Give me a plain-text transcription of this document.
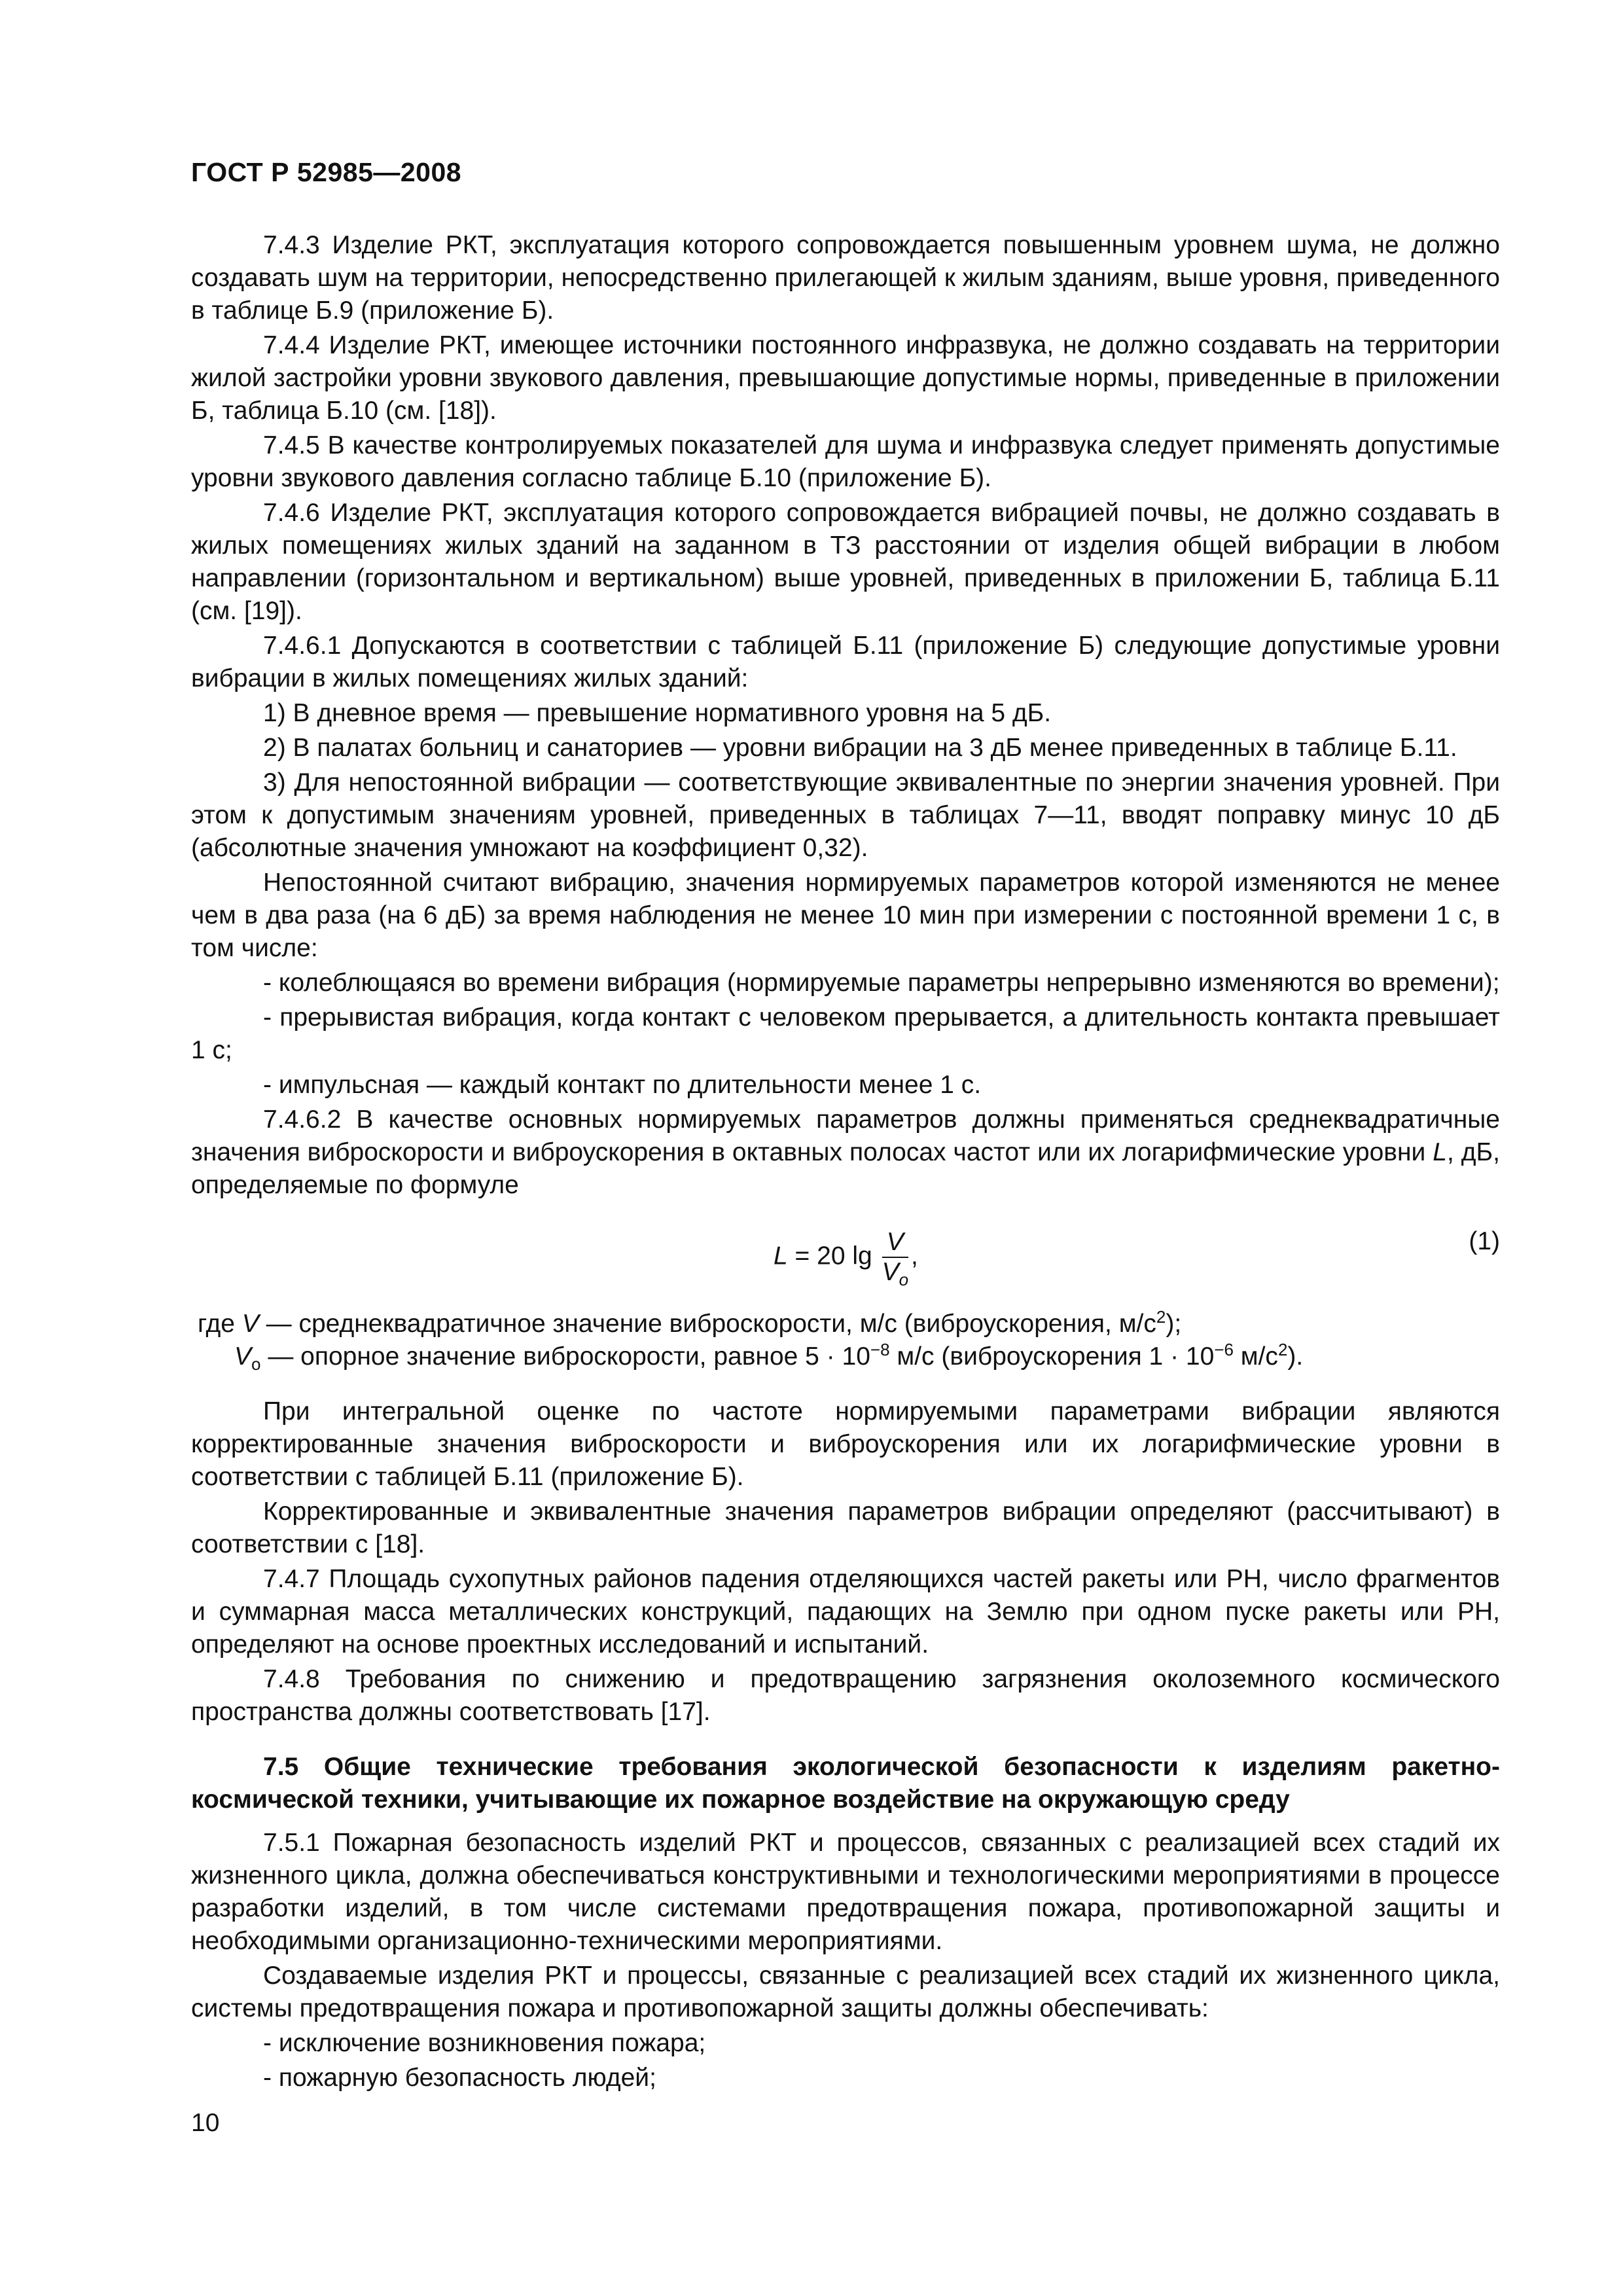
ГОСТ Р 52985—2008

7.4.3 Изделие РКТ, эксплуатация которого сопровождается повышенным уровнем шума, не должно создавать шум на территории, непосредственно прилегающей к жилым зданиям, выше уровня, приведенного в таблице Б.9 (приложение Б).

7.4.4 Изделие РКТ, имеющее источники постоянного инфразвука, не должно создавать на территории жилой застройки уровни звукового давления, превышающие допустимые нормы, приведенные в приложении Б, таблица Б.10 (см. [18]).

7.4.5 В качестве контролируемых показателей для шума и инфразвука следует применять допустимые уровни звукового давления согласно таблице Б.10 (приложение Б).

7.4.6 Изделие РКТ, эксплуатация которого сопровождается вибрацией почвы, не должно создавать в жилых помещениях жилых зданий на заданном в ТЗ расстоянии от изделия общей вибрации в любом направлении (горизонтальном и вертикальном) выше уровней, приведенных в приложении Б, таблица Б.11 (см. [19]).

7.4.6.1 Допускаются в соответствии с таблицей Б.11 (приложение Б) следующие допустимые уровни вибрации в жилых помещениях жилых зданий:

1) В дневное время — превышение нормативного уровня на 5 дБ.

2) В палатах больниц и санаториев — уровни вибрации на 3 дБ менее приведенных в таблице Б.11.

3) Для непостоянной вибрации — соответствующие эквивалентные по энергии значения уровней. При этом к допустимым значениям уровней, приведенных в таблицах 7—11, вводят поправку минус 10 дБ (абсолютные значения умножают на коэффициент 0,32).

Непостоянной считают вибрацию, значения нормируемых параметров которой изменяются не менее чем в два раза (на 6 дБ) за время наблюдения не менее 10 мин при измерении с постоянной времени 1 с, в том числе:

- колеблющаяся во времени вибрация (нормируемые параметры непрерывно изменяются во времени);

- прерывистая вибрация, когда контакт с человеком прерывается, а длительность контакта превышает 1 с;

- импульсная — каждый контакт по длительности менее 1 с.

7.4.6.2 В качестве основных нормируемых параметров должны применяться среднеквадратичные значения виброскорости и виброускорения в октавных полосах частот или их логарифмические уровни L, дБ, определяемые по формуле

L = 20 $\lg \frac{V}{V_o}$ ,
(1)

где V — среднеквадратичное значение виброскорости, м/с (виброускорения, $м/с^2$);

$V_o$ — опорное значение виброскорости, равное $5 \cdot 10^{-8}$ м/с (виброускорения $1 \cdot 10^{-6}$ $м/с^2$).

При интегральной оценке по частоте нормируемыми параметрами вибрации являются корректированные значения виброскорости и виброускорения или их логарифмические уровни в соответствии с таблицей Б.11 (приложение Б).

Корректированные и эквивалентные значения параметров вибрации определяют (рассчитывают) в соответствии с [18].

7.4.7 Площадь сухопутных районов падения отделяющихся частей ракеты или РН, число фрагментов и суммарная масса металлических конструкций, падающих на Землю при одном пуске ракеты или РН, определяют на основе проектных исследований и испытаний.

7.4.8 Требования по снижению и предотвращению загрязнения околоземного космического пространства должны соответствовать [17].

7.5 Общие технические требования экологической безопасности к изделиям ракетно-космической техники, учитывающие их пожарное воздействие на окружающую среду

7.5.1 Пожарная безопасность изделий РКТ и процессов, связанных с реализацией всех стадий их жизненного цикла, должна обеспечиваться конструктивными и технологическими мероприятиями в процессе разработки изделий, в том числе системами предотвращения пожара, противопожарной защиты и необходимыми организационно-техническими мероприятиями.

Создаваемые изделия РКТ и процессы, связанные с реализацией всех стадий их жизненного цикла, системы предотвращения пожара и противопожарной защиты должны обеспечивать:

- исключение возникновения пожара;

- пожарную безопасность людей;

10
